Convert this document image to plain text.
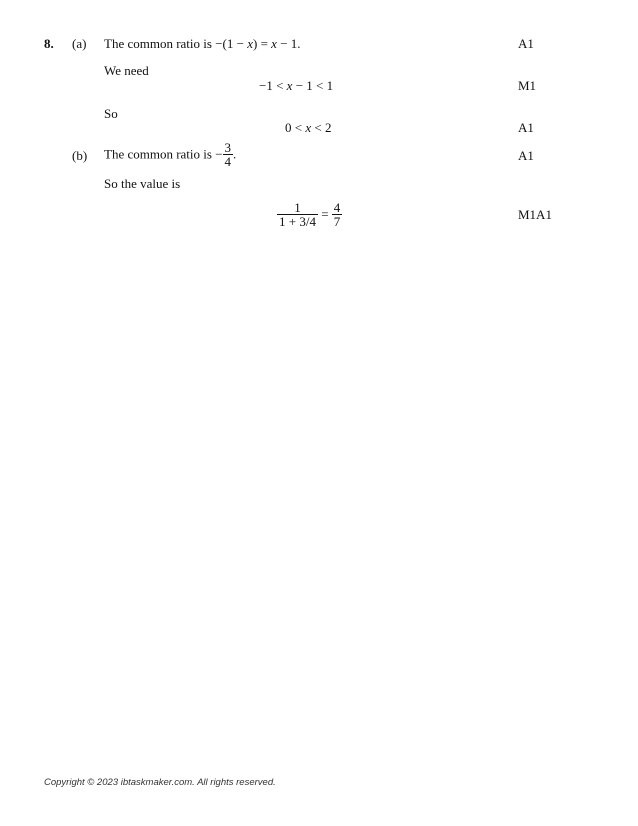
8. (a) The common ratio is −(1 − x) = x − 1.	A1
We need
−1 < x − 1 < 1	M1
So
0 < x < 2	A1
(b) The common ratio is − $\frac{3}{4}$ .	A1
So the value is
$\frac{1}{1 + 3/4} = \frac{4}{7}$	M1A1
Copyright © 2023 ibtaskmaker.com. All rights reserved.
